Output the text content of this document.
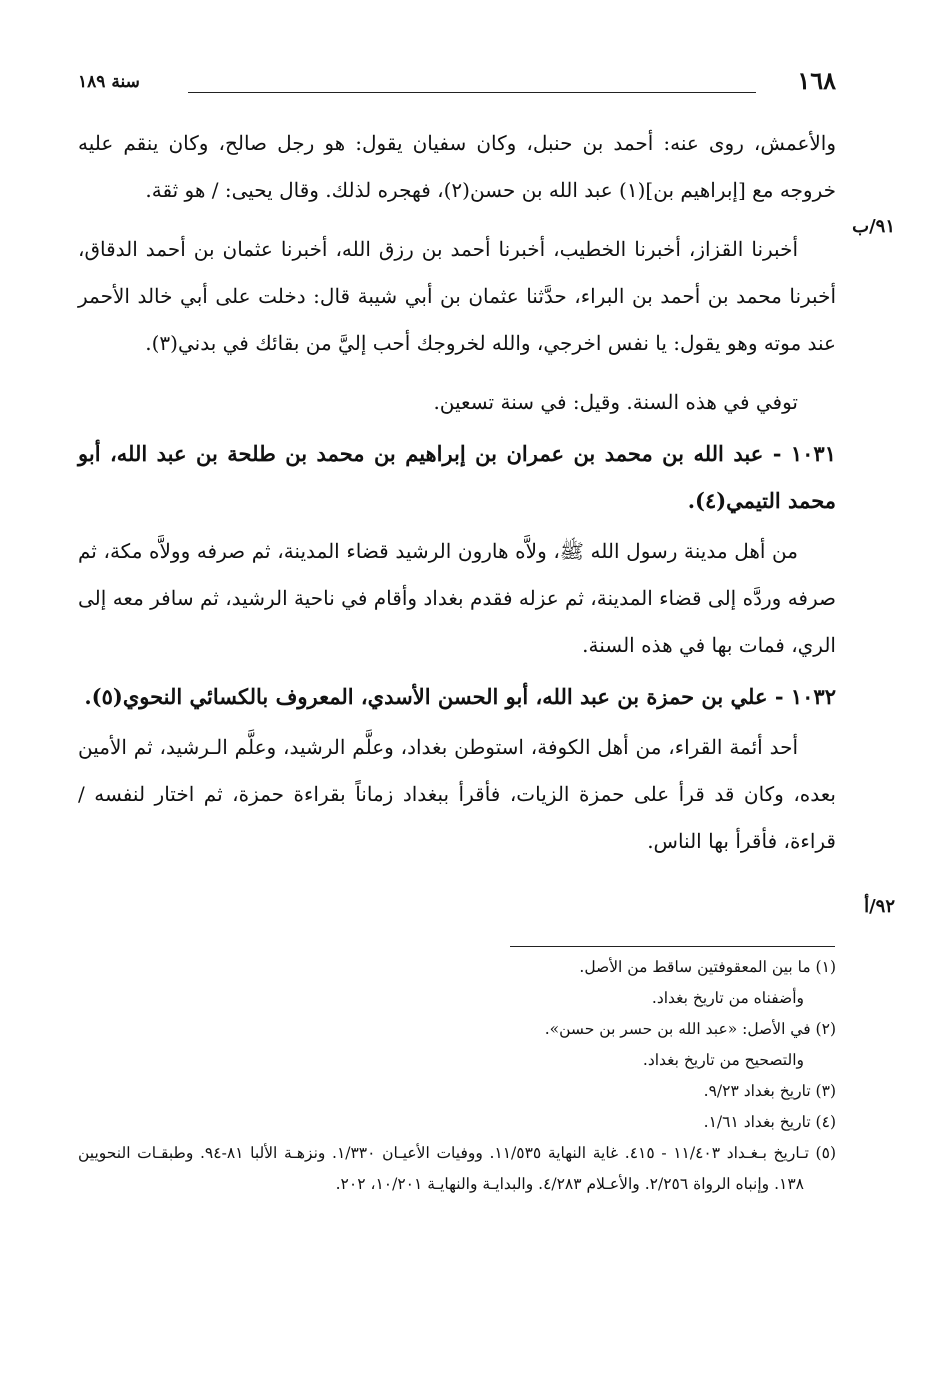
١٦٨
سنة ١٨٩
٩١/ب
٩٢/أ

والأعمش، روى عنه: أحمد بن حنبل، وكان سفيان يقول: هو رجل صالح، وكان ينقم عليه خروجه مع [إبراهيم بن](١) عبد الله بن حسن(٢)، فهجره لذلك. وقال يحيى: / هو ثقة.

أخبرنا القزاز، أخبرنا الخطيب، أخبرنا أحمد بن رزق الله، أخبرنا عثمان بن أحمد الدقاق، أخبرنا محمد بن أحمد بن البراء، حدَّثنا عثمان بن أبي شيبة قال: دخلت على أبي خالد الأحمر عند موته وهو يقول: يا نفس اخرجي، والله لخروجك أحب إليَّ من بقائك في بدني(٣).

توفي في هذه السنة. وقيل: في سنة تسعين.

١٠٣١ - عبد الله بن محمد بن عمران بن إبراهيم بن محمد بن طلحة بن عبد الله، أبو محمد التيمي(٤).

من أهل مدينة رسول الله ﷺ، ولاَّه هارون الرشيد قضاء المدينة، ثم صرفه وولاَّه مكة، ثم صرفه وردَّه إلى قضاء المدينة، ثم عزله فقدم بغداد وأقام في ناحية الرشيد، ثم سافر معه إلى الري، فمات بها في هذه السنة.

١٠٣٢ - علي بن حمزة بن عبد الله، أبو الحسن الأسدي، المعروف بالكسائي النحوي(٥).

أحد أئمة القراء، من أهل الكوفة، استوطن بغداد، وعلَّم الرشيد، وعلَّم الـرشيد، ثم الأمين بعده، وكان قد قرأ على حمزة الزيات، فأقرأ ببغداد زماناً بقراءة حمزة، ثم اختار لنفسه / قراءة، فأقرأ بها الناس.

(١) ما بين المعقوفتين ساقط من الأصل.

وأضفناه من تاريخ بغداد.

(٢) في الأصل: «عبد الله بن حسر بن حسن».

والتصحيح من تاريخ بغداد.

(٣) تاريخ بغداد ٩/٢٣.

(٤) تاريخ بغداد ١/٦١.

(٥) تـاريخ بـغـداد ١١/٤٠٣ - ٤١٥. غاية النهاية ١١/٥٣٥. ووفيات الأعيـان ١/٣٣٠. ونزهـة الألبا ٨١-٩٤. وطبقـات النحويين ١٣٨. وإنباه الرواة ٢/٢٥٦. والأعـلام ٤/٢٨٣. والبدايـة والنهايـة ١٠/٢٠١، ٢٠٢.
